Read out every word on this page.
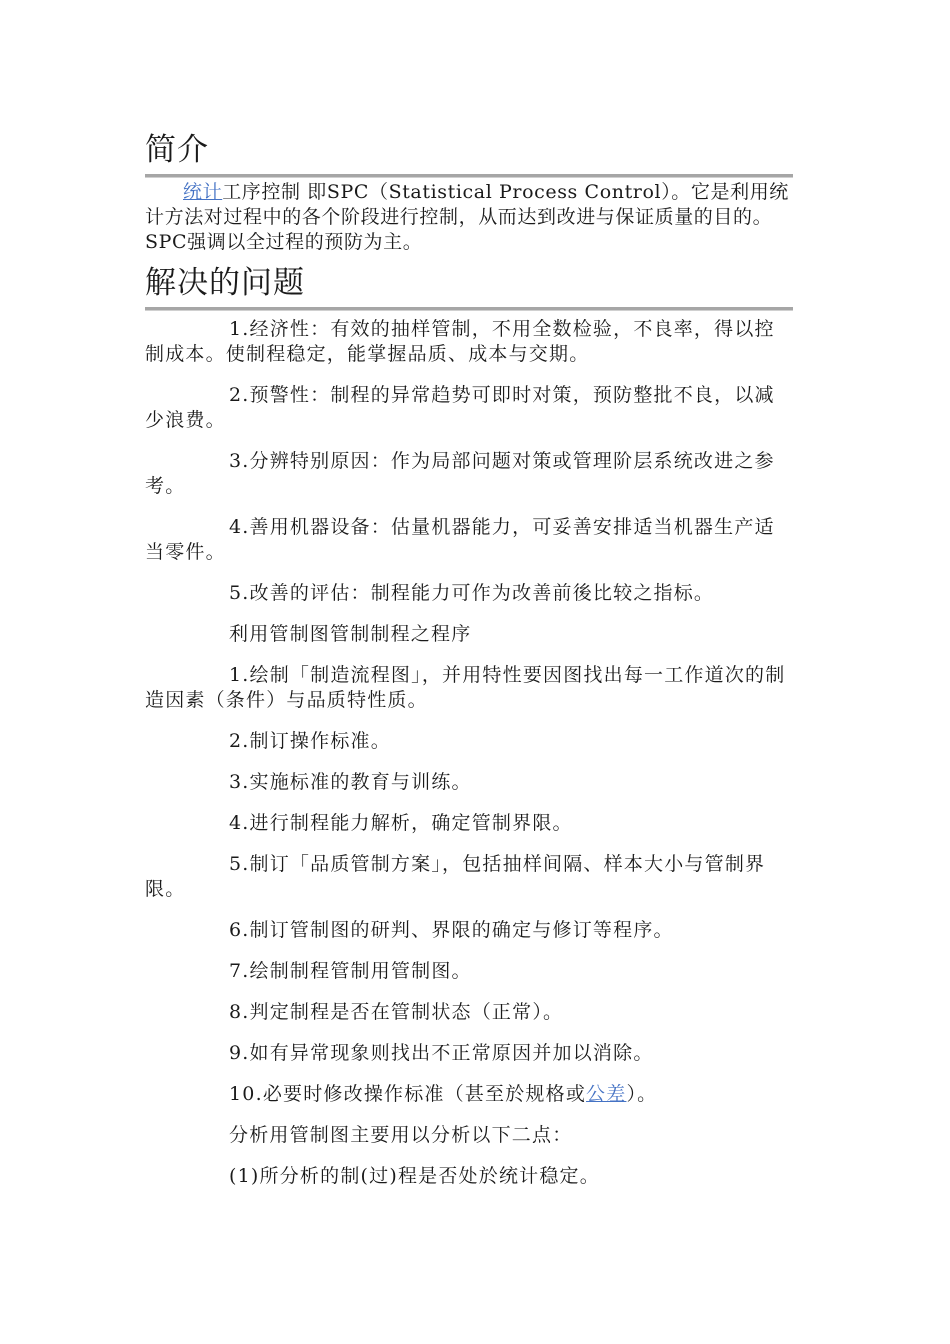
简介

统计工序控制 即SPC（Statistical Process Control）。它是利用统计方法对过程中的各个阶段进行控制，从而达到改进与保证质量的目的。SPC强调以全过程的预防为主。

解决的问题

1.经济性：有效的抽样管制，不用全数检验，不良率，得以控制成本。使制程稳定，能掌握品质、成本与交期。

2.预警性：制程的异常趋势可即时对策，预防整批不良，以减少浪费。

3.分辨特别原因：作为局部问题对策或管理阶层系统改进之参考。

4.善用机器设备：估量机器能力，可妥善安排适当机器生产适当零件。

5.改善的评估：制程能力可作为改善前後比较之指标。

利用管制图管制制程之程序

1.绘制「制造流程图」，并用特性要因图找出每一工作道次的制造因素（条件）与品质特性质。

2.制订操作标准。

3.实施标准的教育与训练。

4.进行制程能力解析，确定管制界限。

5.制订「品质管制方案」，包括抽样间隔、样本大小与管制界限。

6.制订管制图的研判、界限的确定与修订等程序。

7.绘制制程管制用管制图。

8.判定制程是否在管制状态（正常）。

9.如有异常现象则找出不正常原因并加以消除。

10.必要时修改操作标准（甚至於规格或公差）。

分析用管制图主要用以分析以下二点：

(1)所分析的制(过)程是否处於统计稳定。
